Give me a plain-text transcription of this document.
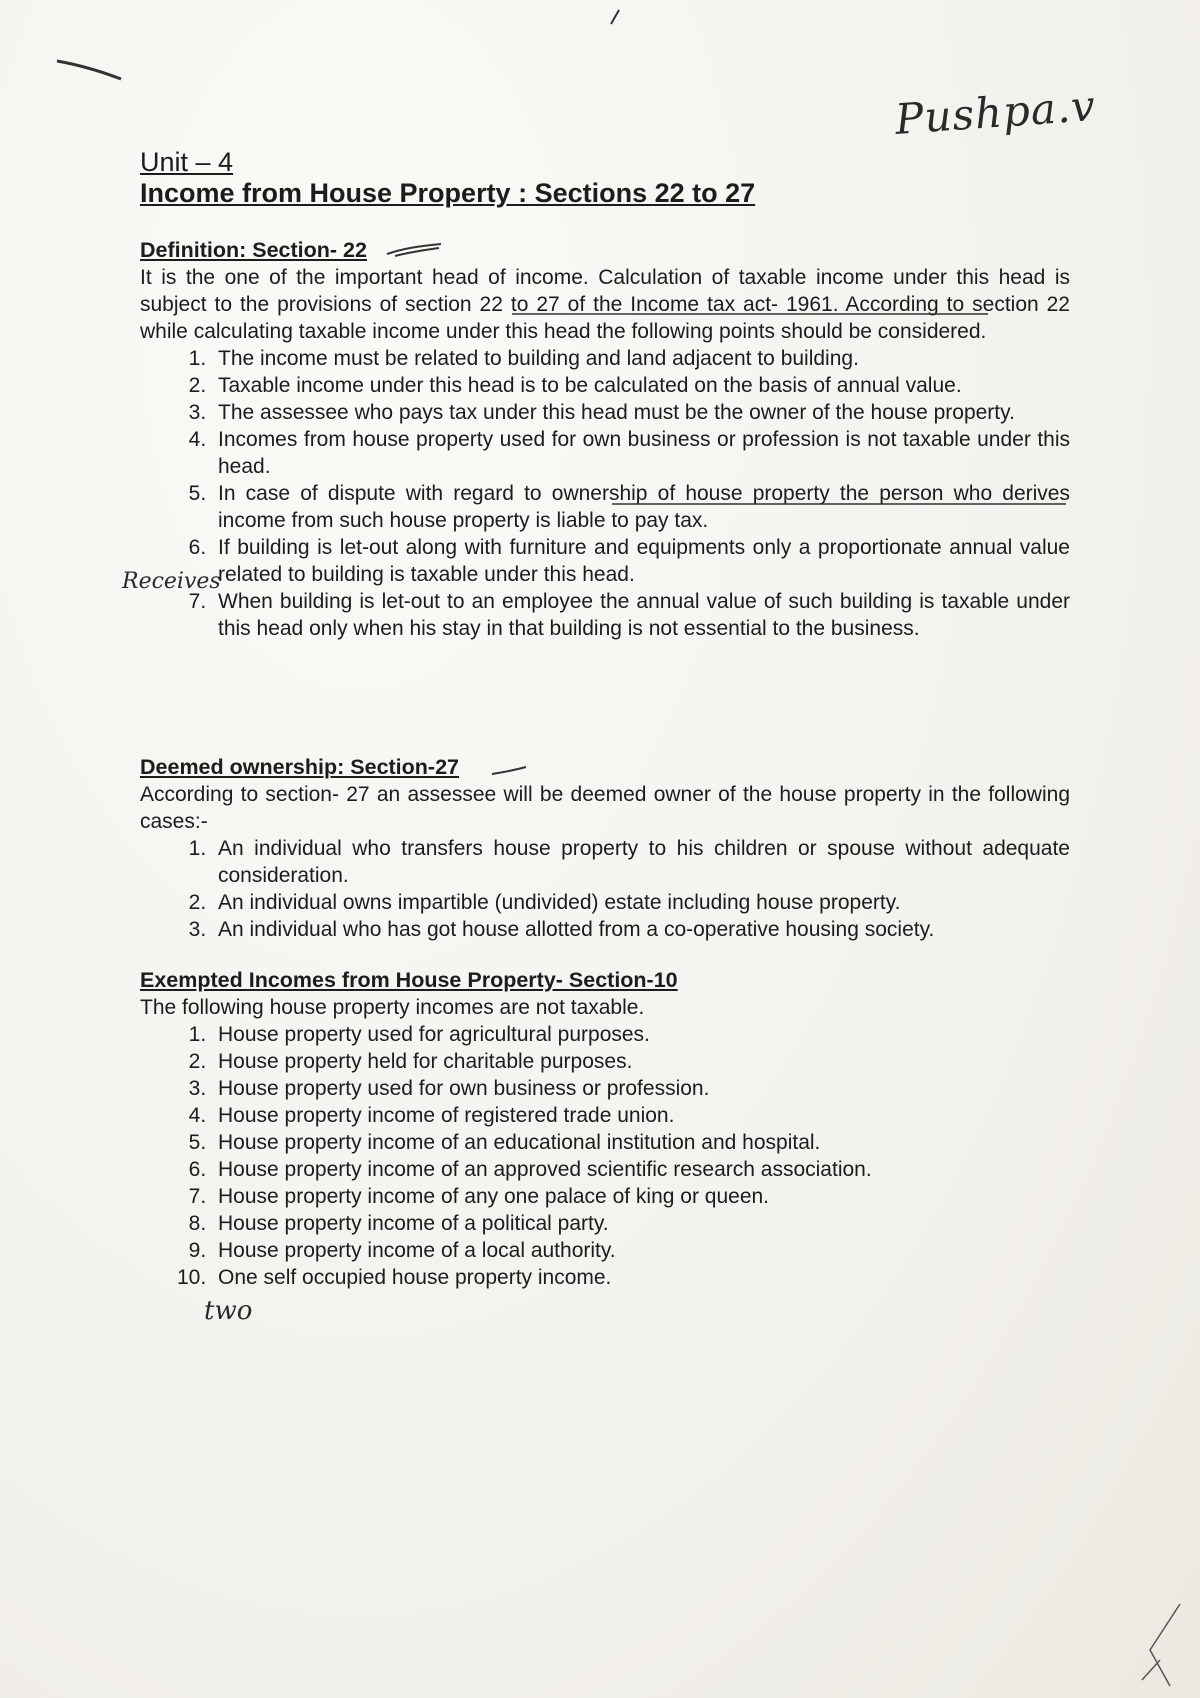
Pushpa.v
Unit – 4
Income from House Property : Sections 22 to 27

Definition: Section- 22

It is the one of the important head of income. Calculation of taxable income under this head is subject to the provisions of section 22 to 27 of the Income tax act- 1961. According to section 22 while calculating taxable income under this head the following points should be considered.

1. The income must be related to building and land adjacent to building.
2. Taxable income under this head is to be calculated on the basis of annual value.
3. The assessee who pays tax under this head must be the owner of the house property.
4. Incomes from house property used for own business or profession is not taxable under this head.
5. In case of dispute with regard to ownership of house property the person who derives income from such house property is liable to pay tax.
6. If building is let-out along with furniture and equipments only a proportionate annual value related to building is taxable under this head.
7. When building is let-out to an employee the annual value of such building is taxable under this head only when his stay in that building is not essential to the business.
Receives

Deemed ownership: Section-27

According to section- 27 an assessee will be deemed owner of the house property in the following cases:-

1. An individual who transfers house property to his children or spouse without adequate consideration.
2. An individual owns impartible (undivided) estate including house property.
3. An individual who has got house allotted from a co-operative housing society.

Exempted Incomes from House Property- Section-10

The following house property incomes are not taxable.

1. House property used for agricultural purposes.
2. House property held for charitable purposes.
3. House property used for own business or profession.
4. House property income of registered trade union.
5. House property income of an educational institution and hospital.
6. House property income of an approved scientific research association.
7. House property income of any one palace of king or queen.
8. House property income of a political party.
9. House property income of a local authority.
10. One self occupied house property income.
two
